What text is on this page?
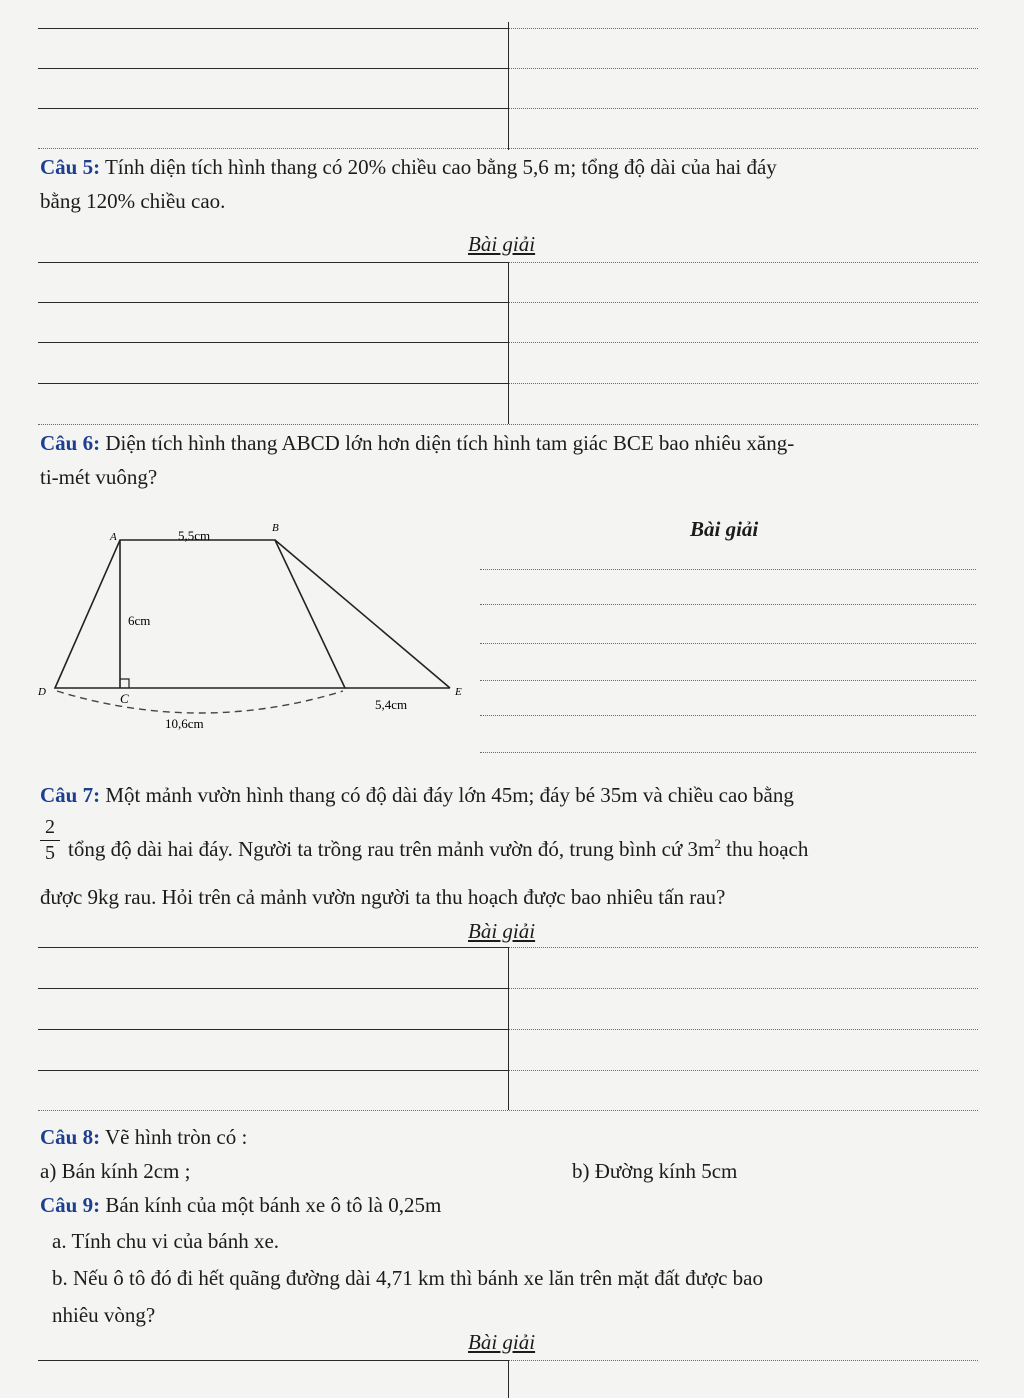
Câu 5: Tính diện tích hình thang có 20% chiều cao bằng 5,6 m; tổng độ dài của hai đáy
bằng 120% chiều cao.
Bài giải
Câu 6: Diện tích hình thang ABCD lớn hơn diện tích hình tam giác BCE bao nhiêu xăng-
ti-mét vuông?
Bài giải
A
B
C
D	E
5,5cm
6cm
10,6cm
5,4cm
Câu 7: Một mảnh vườn hình thang có độ dài đáy lớn 45m; đáy bé 35m và chiều cao bằng
2
5 tổng độ dài hai đáy. Người ta trồng rau trên mảnh vườn đó, trung bình cứ $3m^2$ thu hoạch
được 9kg rau. Hỏi trên cả mảnh vườn người ta thu hoạch được bao nhiêu tấn rau?
Bài giải
Câu 8: Vẽ hình tròn có :
a) Bán kính 2cm ;	b) Đường kính 5cm
Câu 9: Bán kính của một bánh xe ô tô là 0,25m
a. Tính chu vi của bánh xe.
b. Nếu ô tô đó đi hết quãng đường dài 4,71 km thì bánh xe lăn trên mặt đất được bao
nhiêu vòng?
Bài giải
